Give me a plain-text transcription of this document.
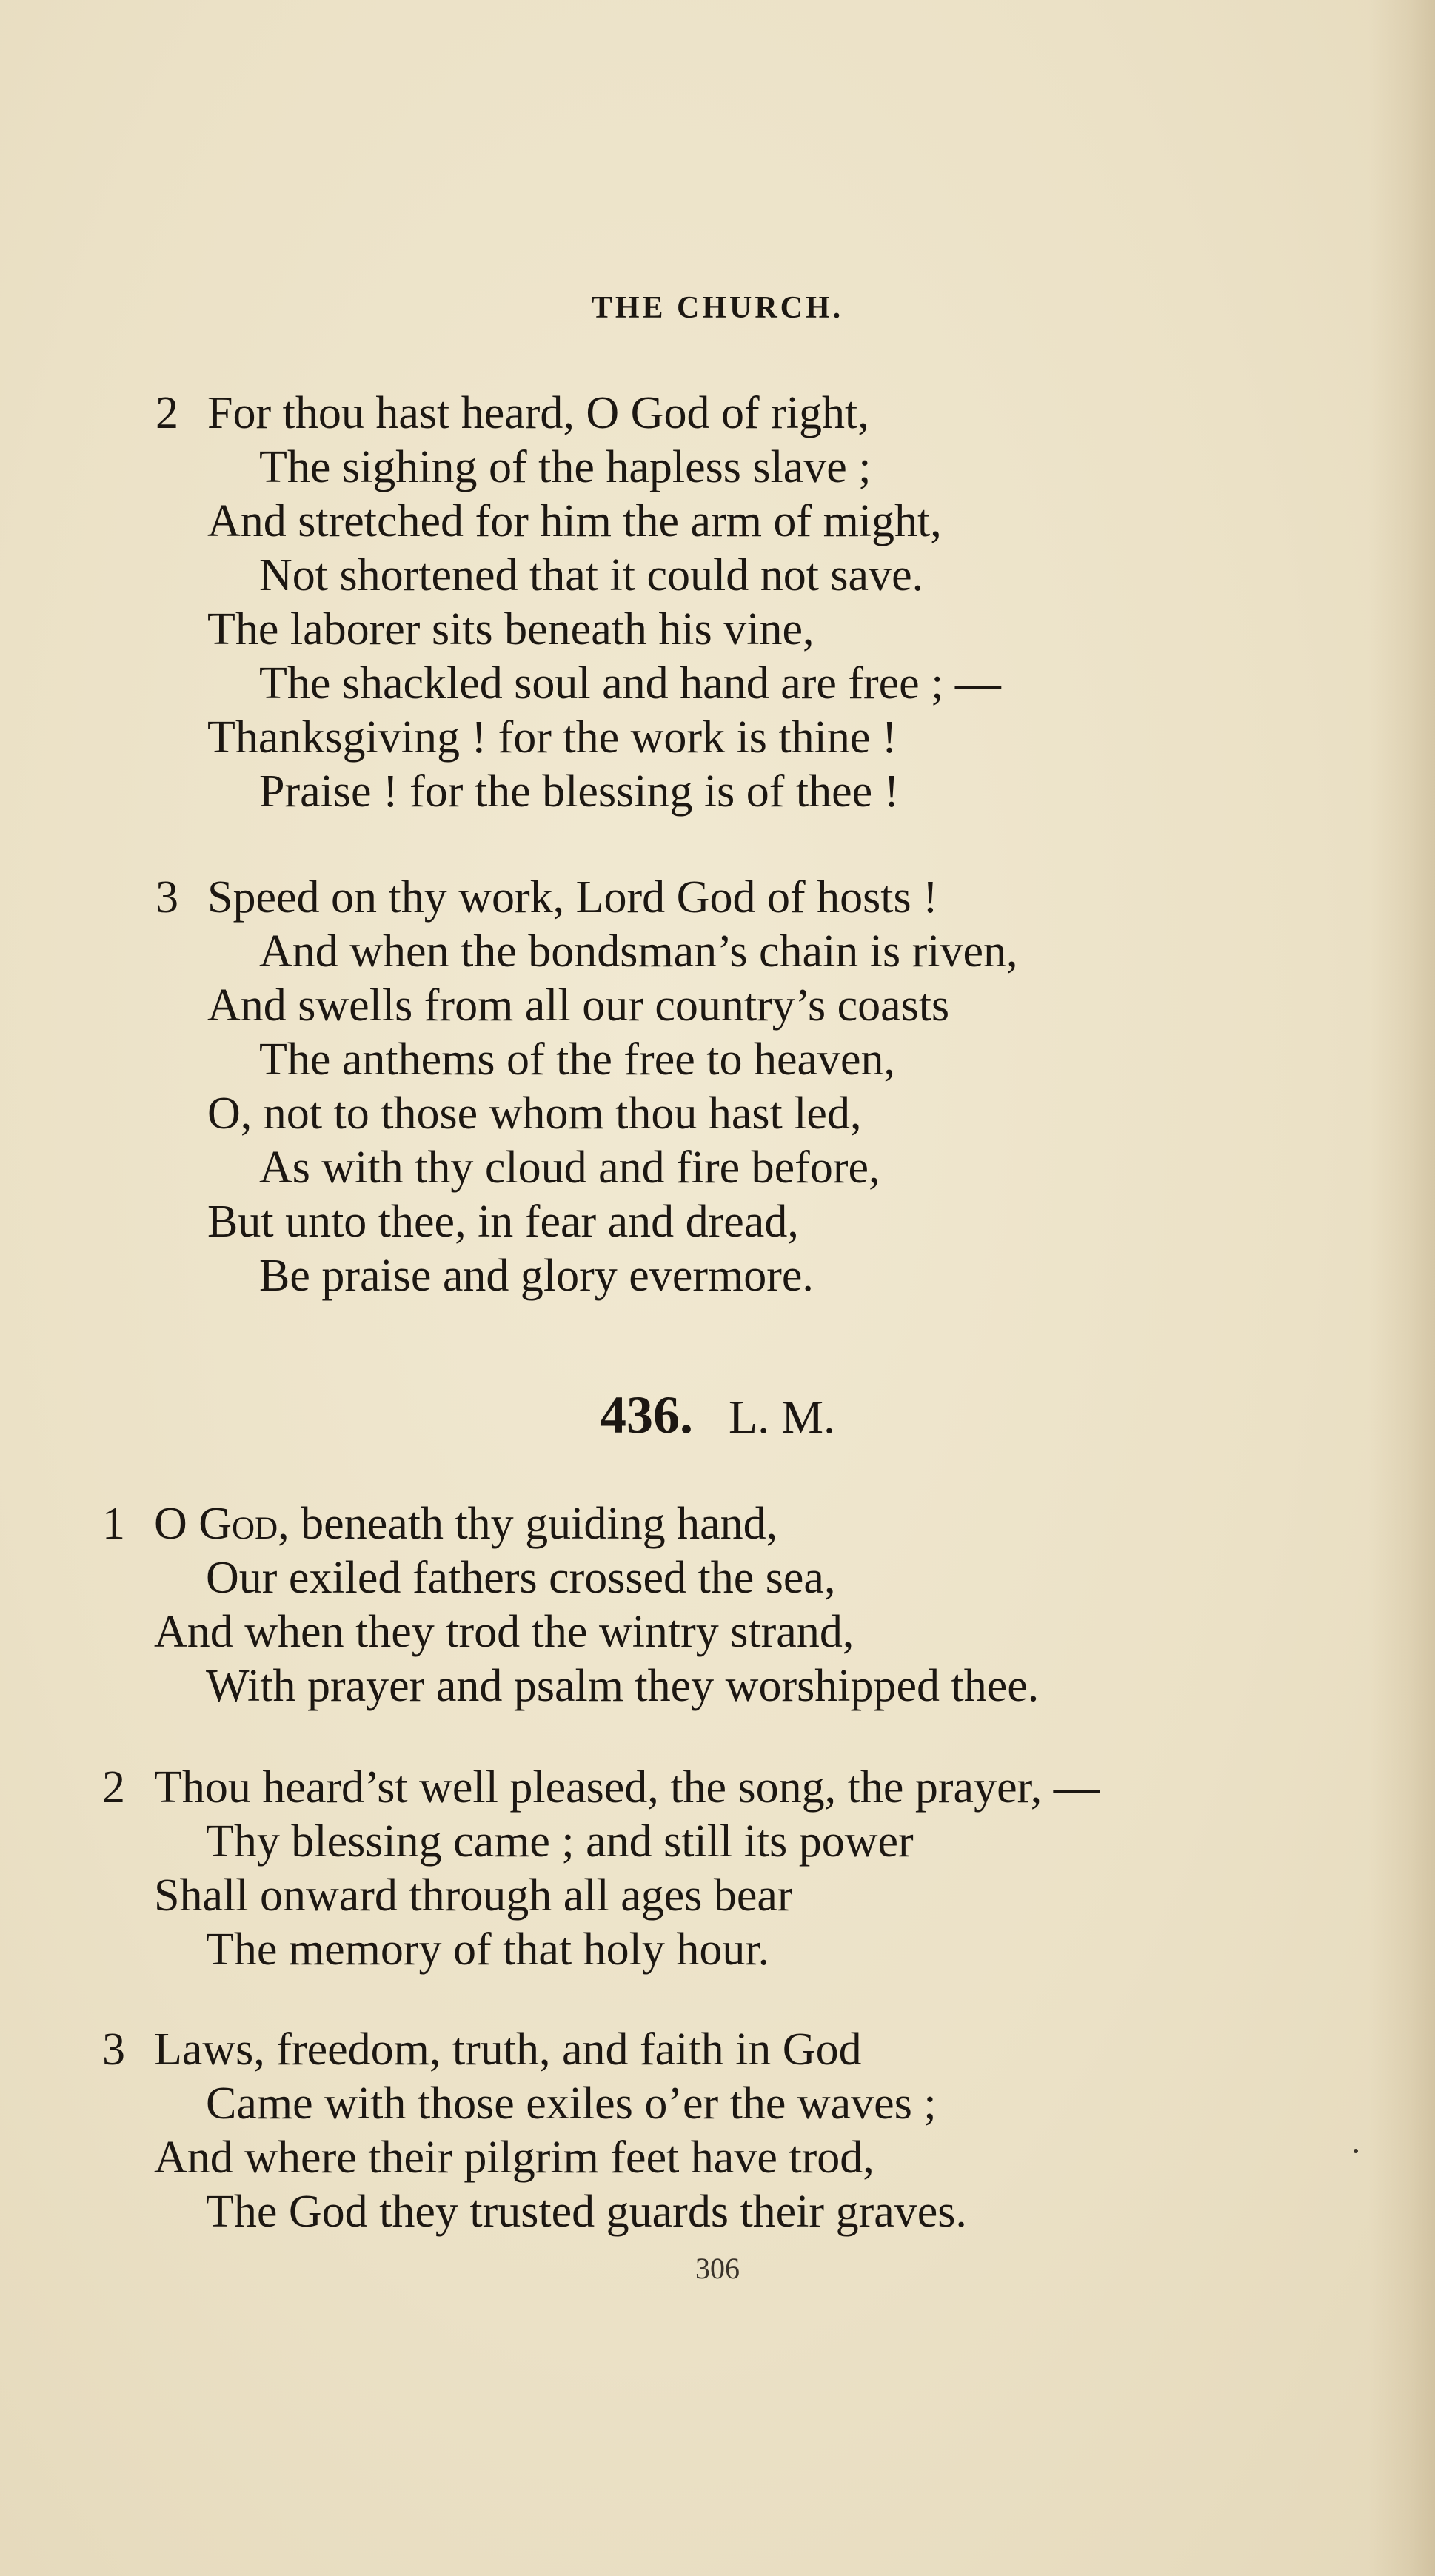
THE CHURCH.
2 For thou hast heard, O God of right,
The sighing of the hapless slave ;
And stretched for him the arm of might,
Not shortened that it could not save.
The laborer sits beneath his vine,
The shackled soul and hand are free ; —
Thanksgiving ! for the work is thine !
Praise ! for the blessing is of thee !
3 Speed on thy work, Lord God of hosts !
And when the bondsman’s chain is riven,
And swells from all our country’s coasts
The anthems of the free to heaven,
O, not to those whom thou hast led,
As with thy cloud and fire before,
But unto thee, in fear and dread,
Be praise and glory evermore.
436. L. M.
1 O God, beneath thy guiding hand,
Our exiled fathers crossed the sea,
And when they trod the wintry strand,
With prayer and psalm they worshipped thee.
2 Thou heard’st well pleased, the song, the prayer, —
Thy blessing came ; and still its power
Shall onward through all ages bear
The memory of that holy hour.
3 Laws, freedom, truth, and faith in God
Came with those exiles o’er the waves ;
And where their pilgrim feet have trod,
The God they trusted guards their graves.
306
